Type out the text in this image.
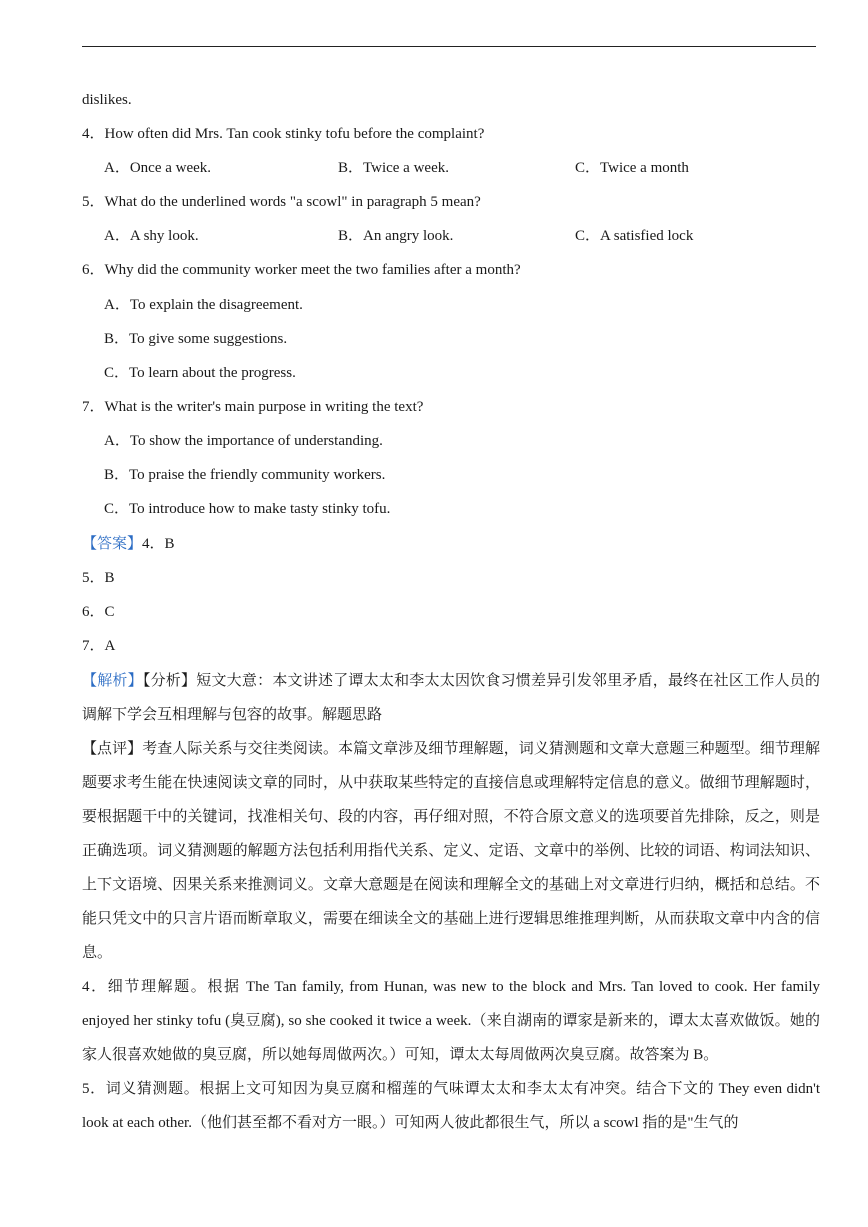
dislikes.
4．How often did Mrs. Tan cook stinky tofu before the complaint?
A．Once a week.	B．Twice a week.	C．Twice a month
5．What do the underlined words "a scowl" in paragraph 5 mean?
A．A shy look.	B．An angry look.	C．A satisfied lock
6．Why did the community worker meet the two families after a month?
A．To explain the disagreement.
B．To give some suggestions.
C．To learn about the progress.
7．What is the writer's main purpose in writing the text?
A．To show the importance of understanding.
B．To praise the friendly community workers.
C．To introduce how to make tasty stinky tofu.
【答案】4．B
5．B
6．C
7．A
【解析】【分析】短文大意：本文讲述了谭太太和李太太因饮食习惯差异引发邻里矛盾，最终在社区工作人员的调解下学会互相理解与包容的故事。解题思路
【点评】考查人际关系与交往类阅读。本篇文章涉及细节理解题，词义猜测题和文章大意题三种题型。细节理解题要求考生能在快速阅读文章的同时，从中获取某些特定的直接信息或理解特定信息的意义。做细节理解题时，要根据题干中的关键词，找准相关句、段的内容，再仔细对照，不符合原文意义的选项要首先排除，反之，则是正确选项。词义猜测题的解题方法包括利用指代关系、定义、定语、文章中的举例、比较的词语、构词法知识、上下文语境、因果关系来推测词义。文章大意题是在阅读和理解全文的基础上对文章进行归纳，概括和总结。不能只凭文中的只言片语而断章取义，需要在细读全文的基础上进行逻辑思维推理判断，从而获取文章中内含的信息。
4．细节理解题。根据 The Tan family, from Hunan, was new to the block and Mrs. Tan loved to cook. Her family enjoyed her stinky tofu (臭豆腐), so she cooked it twice a week.（来自湖南的谭家是新来的，谭太太喜欢做饭。她的家人很喜欢她做的臭豆腐，所以她每周做两次。）可知，谭太太每周做两次臭豆腐。故答案为 B。
5．词义猜测题。根据上文可知因为臭豆腐和榴莲的气味谭太太和李太太有冲突。结合下文的 They even didn't look at each other.（他们甚至都不看对方一眼。）可知两人彼此都很生气，所以 a scowl 指的是"生气的
